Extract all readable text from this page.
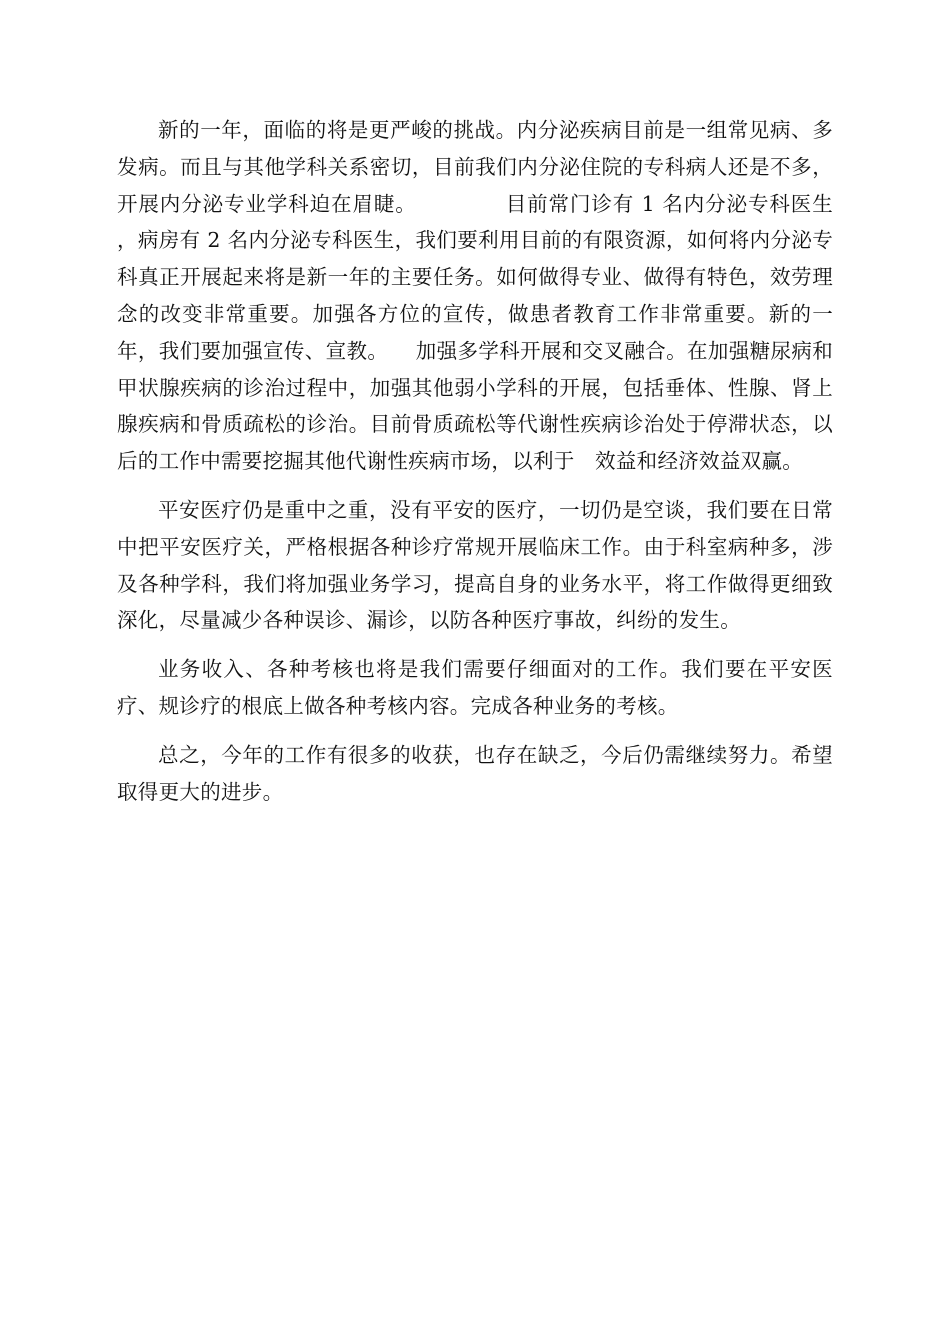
新的一年，面临的将是更严峻的挑战。内分泌疾病目前是一组常见病、多发病。而且与其他学科关系密切，目前我们内分泌住院的专科病人还是不多，开展内分泌专业学科迫在眉睫。            目前常门诊有 1 名内分泌专科医生    ，病房有 2 名内分泌专科医生，我们要利用目前的有限资源，如何将内分泌专科真正开展起来将是新一年的主要任务。如何做得专业、做得有特色，效劳理念的改变非常重要。加强各方位的宣传，做患者教育工作非常重要。新的一年，我们要加强宣传、宣教。    加强多学科开展和交叉融合。在加强糖尿病和甲状腺疾病的诊治过程中，加强其他弱小学科的开展，包括垂体、性腺、肾上腺疾病和骨质疏松的诊治。目前骨质疏松等代谢性疾病诊治处于停滞状态，以后的工作中需要挖掘其他代谢性疾病市场，以利于   效益和经济效益双赢。

平安医疗仍是重中之重，没有平安的医疗，一切仍是空谈，我们要在日常中把平安医疗关，严格根据各种诊疗常规开展临床工作。由于科室病种多，涉及各种学科，我们将加强业务学习，提高自身的业务水平，将工作做得更细致深化，尽量减少各种误诊、漏诊，以防各种医疗事故，纠纷的发生。

业务收入、各种考核也将是我们需要仔细面对的工作。我们要在平安医疗、规诊疗的根底上做各种考核内容。完成各种业务的考核。

总之，今年的工作有很多的收获，也存在缺乏，今后仍需继续努力。希望取得更大的进步。
